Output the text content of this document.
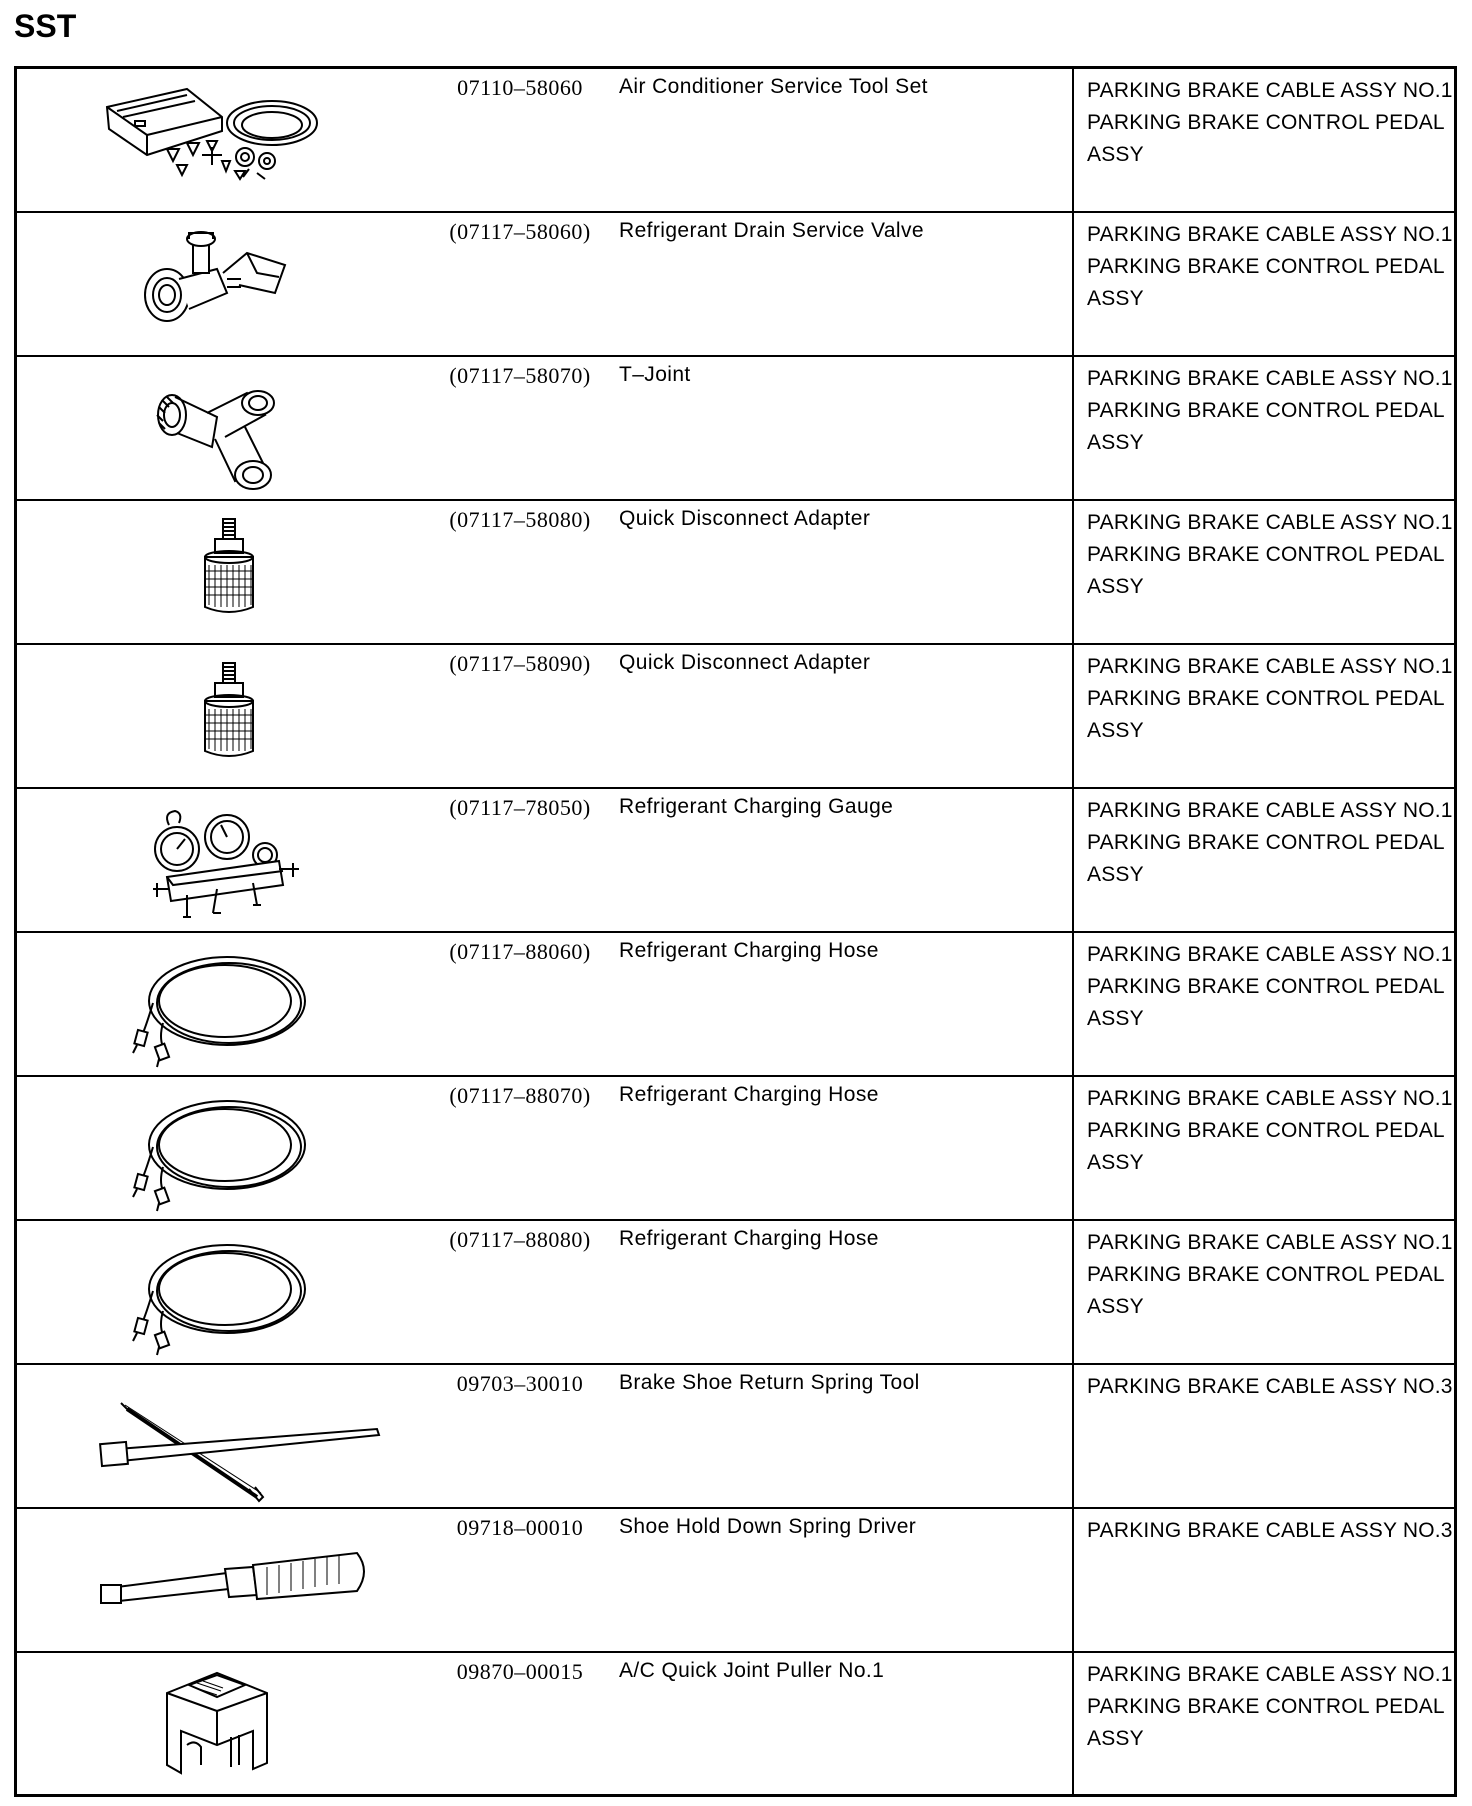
SST
07110–58060	Air Conditioner Service Tool Set	PARKING BRAKE CABLE ASSY NO.1
PARKING BRAKE CONTROL PEDAL
ASSY
(07117–58060)	Refrigerant Drain Service Valve	PARKING BRAKE CABLE ASSY NO.1
PARKING BRAKE CONTROL PEDAL
ASSY
(07117–58070)	T–Joint	PARKING BRAKE CABLE ASSY NO.1
PARKING BRAKE CONTROL PEDAL
ASSY
(07117–58080)	Quick Disconnect Adapter	PARKING BRAKE CABLE ASSY NO.1
PARKING BRAKE CONTROL PEDAL
ASSY
(07117–58090)	Quick Disconnect Adapter	PARKING BRAKE CABLE ASSY NO.1
PARKING BRAKE CONTROL PEDAL
ASSY
(07117–78050)	Refrigerant Charging Gauge	PARKING BRAKE CABLE ASSY NO.1
PARKING BRAKE CONTROL PEDAL
ASSY
(07117–88060)	Refrigerant Charging Hose	PARKING BRAKE CABLE ASSY NO.1
PARKING BRAKE CONTROL PEDAL
ASSY
(07117–88070)	Refrigerant Charging Hose	PARKING BRAKE CABLE ASSY NO.1
PARKING BRAKE CONTROL PEDAL
ASSY
(07117–88080)	Refrigerant Charging Hose	PARKING BRAKE CABLE ASSY NO.1
PARKING BRAKE CONTROL PEDAL
ASSY
09703–30010	Brake Shoe Return Spring Tool	PARKING BRAKE CABLE ASSY NO.3
09718–00010	Shoe Hold Down Spring Driver	PARKING BRAKE CABLE ASSY NO.3
09870–00015	A/C Quick Joint Puller No.1	PARKING BRAKE CABLE ASSY NO.1
PARKING BRAKE CONTROL PEDAL
ASSY
